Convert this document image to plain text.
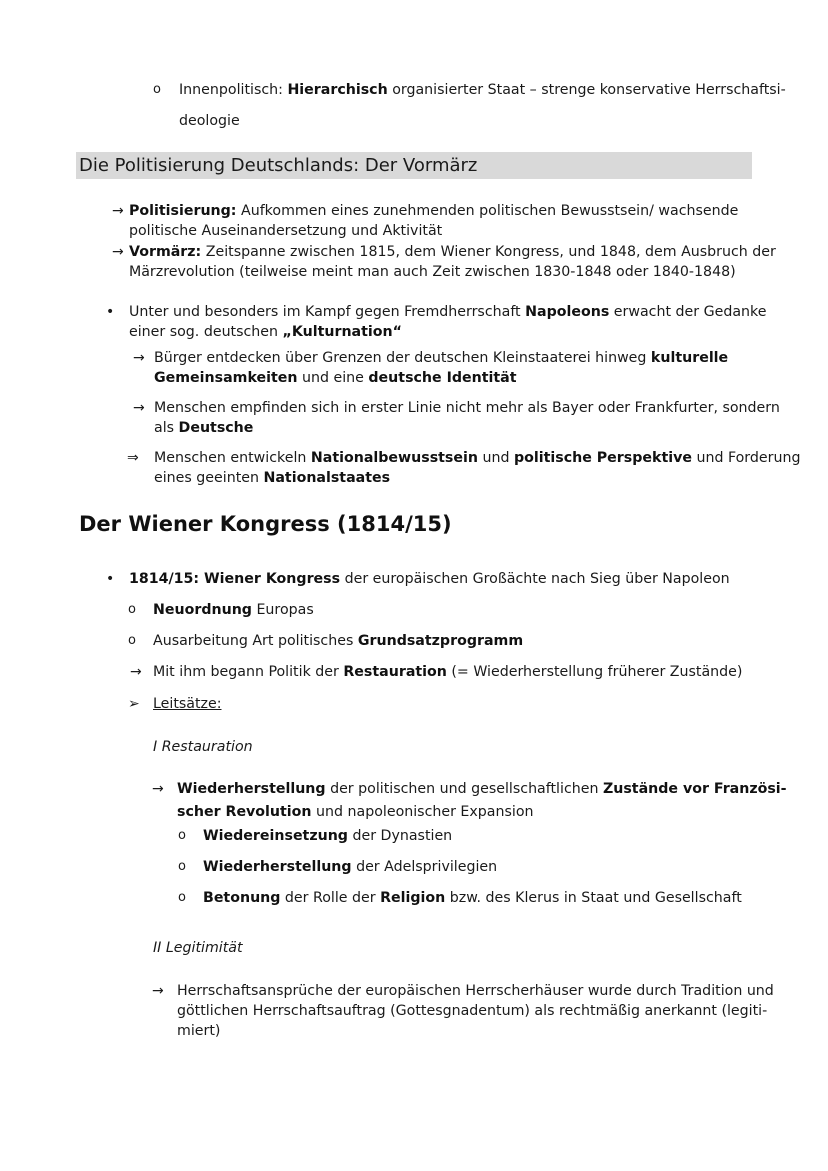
o Innenpolitisch: Hierarchisch organisierter Staat – strenge konservative Herrschaftsi-
deologie
Die Politisierung Deutschlands: Der Vormärz
→ Politisierung: Aufkommen eines zunehmenden politischen Bewusstsein/ wachsende
politische Auseinandersetzung und Aktivität
→ Vormärz: Zeitspanne zwischen 1815, dem Wiener Kongress, und 1848, dem Ausbruch der
Märzrevolution (teilweise meint man auch Zeit zwischen 1830-1848 oder 1840-1848)
• Unter und besonders im Kampf gegen Fremdherrschaft Napoleons erwacht der Gedanke
einer sog. deutschen „Kulturnation“
→ Bürger entdecken über Grenzen der deutschen Kleinstaaterei hinweg kulturelle
Gemeinsamkeiten und eine deutsche Identität
→ Menschen empfinden sich in erster Linie nicht mehr als Bayer oder Frankfurter, sondern
als Deutsche
⇒ Menschen entwickeln Nationalbewusstsein und politische Perspektive und Forderung
eines geeinten Nationalstaates
Der Wiener Kongress (1814/15)
• 1814/15: Wiener Kongress der europäischen Großächte nach Sieg über Napoleon
o Neuordnung Europas
o Ausarbeitung Art politisches Grundsatzprogramm
→ Mit ihm begann Politik der Restauration (= Wiederherstellung früherer Zustände)
➢ Leitsätze:
I Restauration
→ Wiederherstellung der politischen und gesellschaftlichen Zustände vor Französi-
scher Revolution und napoleonischer Expansion
o Wiedereinsetzung der Dynastien
o Wiederherstellung der Adelsprivilegien
o Betonung der Rolle der Religion bzw. des Klerus in Staat und Gesellschaft
II Legitimität
→ Herrschaftsansprüche der europäischen Herrscherhäuser wurde durch Tradition und
göttlichen Herrschaftsauftrag (Gottesgnadentum) als rechtmäßig anerkannt (legiti-
miert)
